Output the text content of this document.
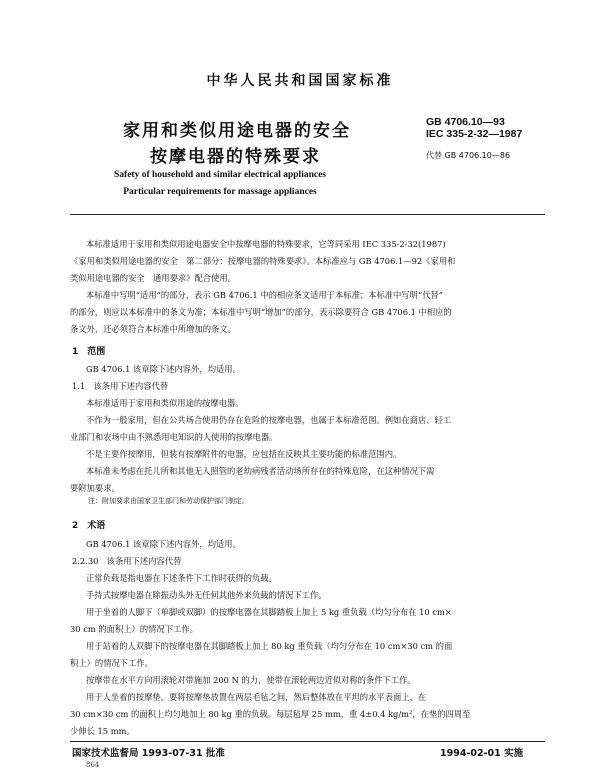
中华人民共和国国家标准
家用和类似用途电器的安全
按摩电器的特殊要求
GB 4706.10—93
IEC 335-2-32—1987
代替 GB 4706.10—86
Safety of household and similar electrical appliances
Particular requirements for massage appliances
本标准适用于家用和类似用途电器安全中按摩电器的特殊要求，它等同采用 IEC 335-2-32(1987)
《家用和类似用途电器的安全　第二部分：按摩电器的特殊要求》。本标准应与 GB 4706.1—92《家用和
类似用途电器的安全　通用要求》配合使用。
本标准中写明“适用”的部分，表示 GB 4706.1 中的相应条文适用于本标准；本标准中写明“代替”
的部分，则应以本标准中的条文为准；本标准中写明“增加”的部分，表示除要符合 GB 4706.1 中相应的
条文外，还必须符合本标准中所增加的条文。
1　范围
GB 4706.1 该章除下述内容外，均适用。
1.1　该条用下述内容代替
本标准适用于家用和类似用途的按摩电器。
不作为一般家用，但在公共场合使用仍存在危险的按摩电器，也属于本标准范围。例如在商店、轻工
业部门和农场中由不熟悉用电知识的人使用的按摩电器。
不是主要作按摩用，但装有按摩附件的电器，应包括在反映其主要功能的标准范围内。
本标准未考虑在托儿所和其他无人照管的老幼病残者活动场所存在的特殊危险，在这种情况下需
要附加要求。
注：附加要求由国家卫生部门和劳动保护部门制定。
2　术语
GB 4706.1 该章除下述内容外，均适用。
2.2.30　该条用下述内容代替
正常负载是指电器在下述条件下工作时获得的负载。
手持式按摩电器在除振动头外无任何其他外来负载的情况下工作。
用于坐着的人脚下（单脚或双脚）的按摩电器在其脚踏板上加上 5 kg 重负载（均匀分布在 10 cm×
30 cm 的面积上）的情况下工作。
用于站着的人双脚下的按摩电器在其脚踏板上加上 80 kg 重负载（均匀分布在 10 cm×30 cm 的面
积上）的情况下工作。
按摩带在水平方向用滚轮对带施加 200 N 的力，使带在滚轮两边近似对称的条件下工作。
用于人坐着的按摩垫，要将按摩垫放置在两层毛毡之间，然后整体放在平坦的水平表面上，在
30 cm×30 cm 的面积上均匀地加上 80 kg 重的负载。每层毡厚 25 mm，重 4±0.4 kg/m²，在垫的四周至
少伸长 15 mm。
国家技术监督局 1993-07-31 批准	1994-02-01 实施
864
